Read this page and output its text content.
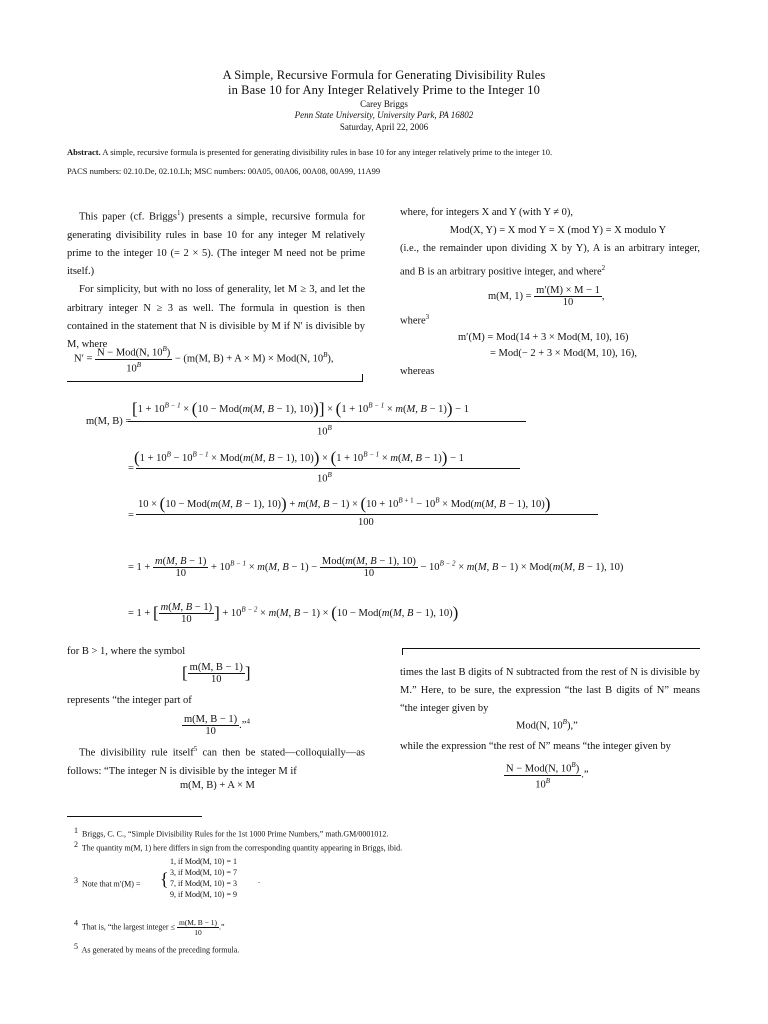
A Simple, Recursive Formula for Generating Divisibility Rules
in Base 10 for Any Integer Relatively Prime to the Integer 10
Carey Briggs
Penn State University, University Park, PA 16802
Saturday, April 22, 2006
Abstract. A simple, recursive formula is presented for generating divisibility rules in base 10 for any integer relatively prime to the integer 10.
PACS numbers: 02.10.De, 02.10.Lh; MSC numbers: 00A05, 00A06, 00A08, 00A99, 11A99

This paper (cf. Briggs$^1$) presents a simple, recursive formula for generating divisibility rules in base 10 for any integer M relatively prime to the integer 10 (= 2 × 5). (The integer M need not be prime itself.)

For simplicity, but with no loss of generality, let M ≥ 3, and let the arbitrary integer N ≥ 3 as well. The formula in question is then contained in the statement that N is divisible by M if N′ is divisible by M, where

$N' = \frac{N - Mod(N, 10^B)}{10^B} - (m(M$, B) + A × M) × Mod(N, $10^B$),
where, for integers X and Y (with Y ≠ 0),
Mod(X, Y) = X mod Y = X (mod Y) = X modulo Y
(i.e., the remainder upon dividing X by Y), A is an arbitrary integer, and B is an arbitrary positive integer, and where$^2$
m(M, $1) = \frac{m'(M) \times M - 1}{10}$ ,
where$^3$
m′(M) = Mod(14 + 3 × Mod(M, 10), 16)
= Mod(− 2 + 3 × Mod(M, 10), 16),
whereas
m(M, B) =
[$1 + 10^{B - 1} \times (10 - Mod(m(M$, B − 1), $10))] \times (1 + 10^{B - 1} \times m(M$, B − 1)) − 1
$10^B$
=
($1 + 10^B - 10^{B - 1} \times Mod(m(M$, B − 1), $10)) \times (1 + 10^{B - 1} \times m(M$, B − 1)) − 1
$10^B$
=
10 × (10 − Mod(m(M, B − 1), 10)) + m(M, $B - 1) \times (10 + 10^B$ $^{+ 1} - 10^B \times Mod(m(M$, B − 1), 10))
100
= $1 + \frac{m(M, B - 1)}{10} + 10^{B - 1} \times m(M$, $B - 1) - \frac{\text{Mod(m(M, B − 1), 10)}}{10} - 10^{B - 2} \times m(M$, B − 1) × Mod(m(M, B − 1), 10)
= 1 + [ $\frac{m(M, B - 1)}{10}$ ] + $10^{B - 2} \times m(M$, B − 1) × (10 − Mod(m(M, B − 1), 10))
for B > 1, where the symbol
[ $\frac{m(M, B - 1)}{10}$ ]
represents “the integer part of
$\frac{m(M, B - 1)}{10}$ .”$^4$

The divisibility rule itself$^5$ can then be stated—colloquially—as follows: “The integer N is divisible by the integer M if

m(M, B) + A × M
times the last B digits of N subtracted from the rest of N is divisible by M.” Here, to be sure, the expression “the last B digits of N” means “the integer given by
Mod(N, $10^B$),”
while the expression “the rest of N” means “the integer given by
$\frac{N - Mod(N, 10^B)}{10^B}$ .”
$^1$ Briggs, C. C., “Simple Divisibility Rules for the 1st 1000 Prime Numbers,” math.GM/0001012.
$^2$ The quantity m(M, 1) here differs in sign from the corresponding quantity appearing in Briggs, ibid.
$^3$ Note that m′(M) = {
1, if Mod(M, 10) = 1
3, if Mod(M, 10) = 7
7, if Mod(M, 10) = 3
9, if Mod(M, 10) = 9
.
$^4$ That is, “the largest integer ≤ $\frac{m(M, B - 1)}{10}$ .”
$^5$ As generated by means of the preceding formula.
